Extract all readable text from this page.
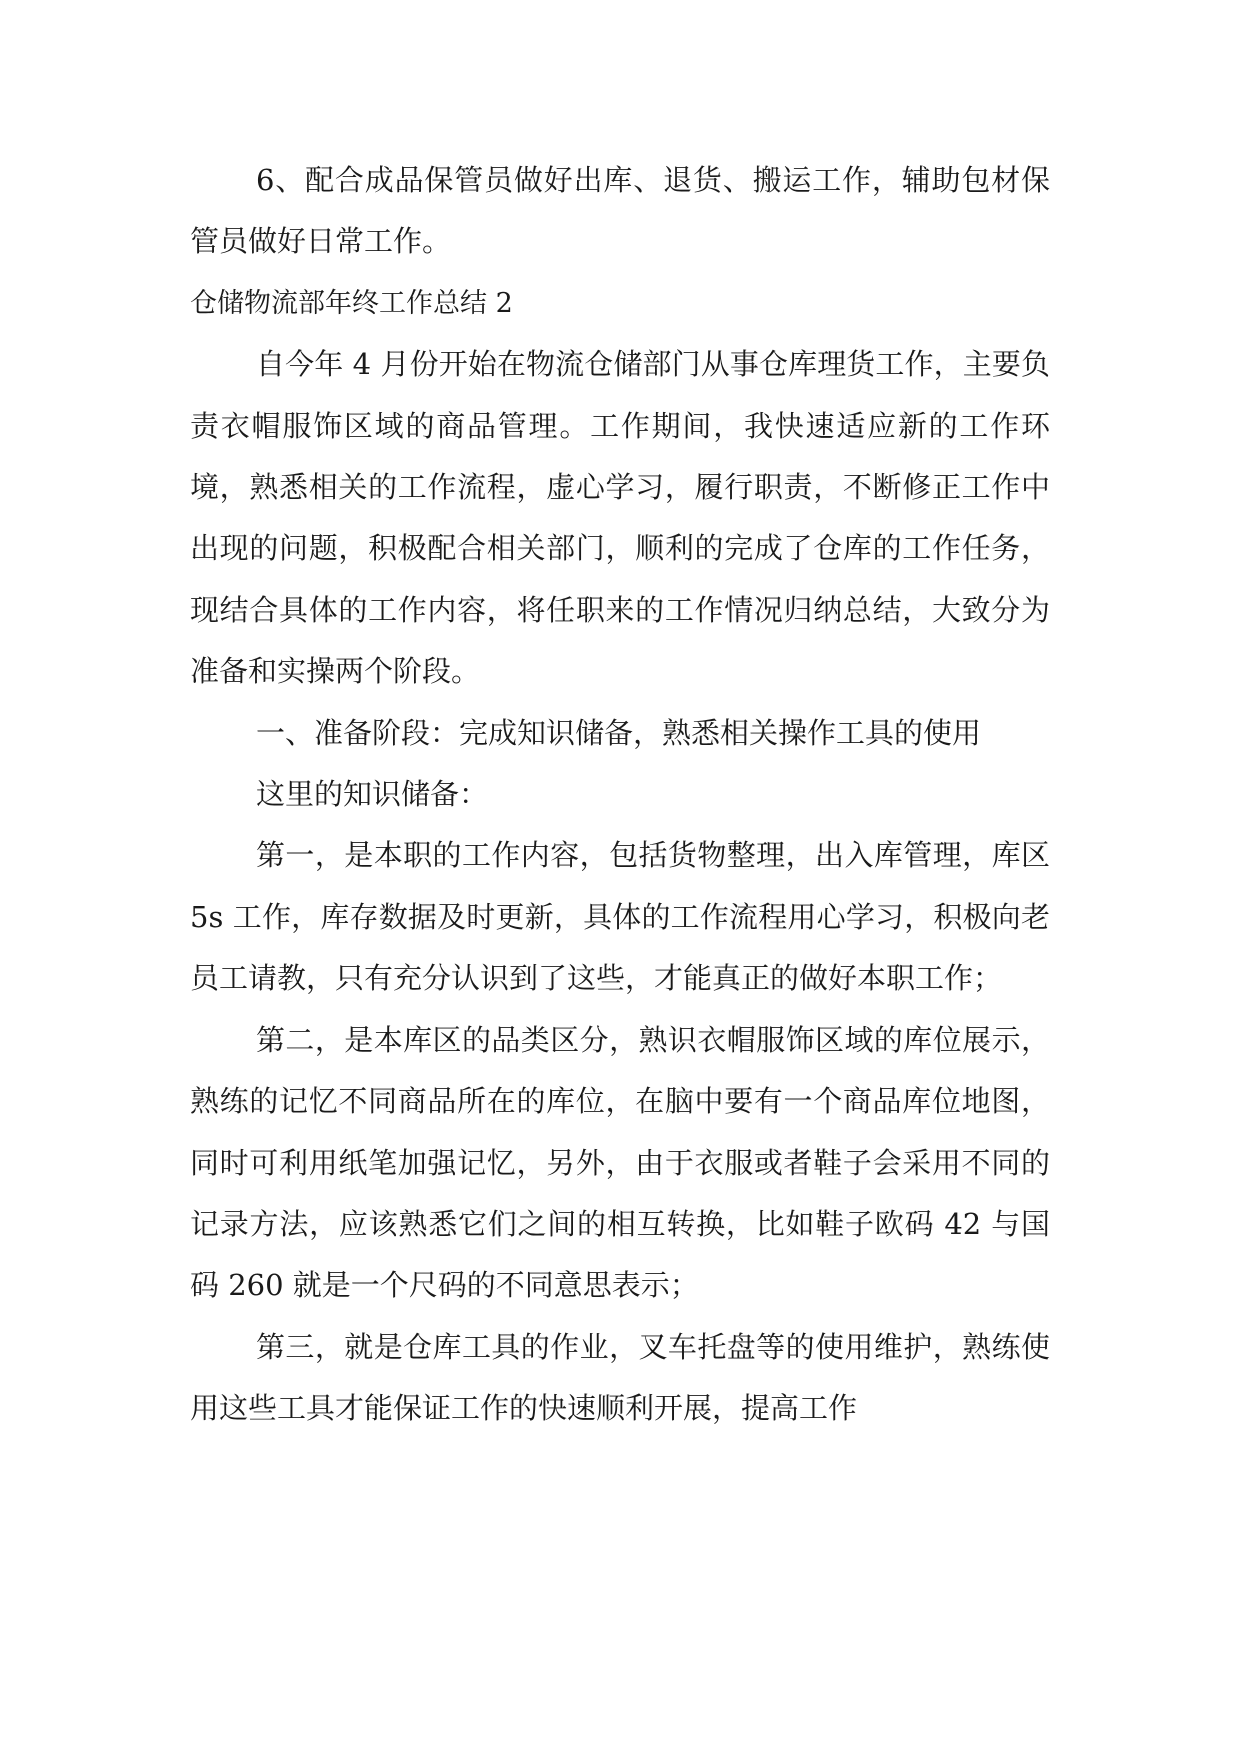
6、配合成品保管员做好出库、退货、搬运工作，辅助包材保管员做好日常工作。

仓储物流部年终工作总结 2

自今年 4 月份开始在物流仓储部门从事仓库理货工作，主要负责衣帽服饰区域的商品管理。工作期间，我快速适应新的工作环境，熟悉相关的工作流程，虚心学习，履行职责，不断修正工作中出现的问题，积极配合相关部门，顺利的完成了仓库的工作任务，现结合具体的工作内容，将任职来的工作情况归纳总结，大致分为准备和实操两个阶段。

一、准备阶段：完成知识储备，熟悉相关操作工具的使用

这里的知识储备：

第一，是本职的工作内容，包括货物整理，出入库管理，库区 5s 工作，库存数据及时更新，具体的工作流程用心学习，积极向老员工请教，只有充分认识到了这些，才能真正的做好本职工作；

第二，是本库区的品类区分，熟识衣帽服饰区域的库位展示，熟练的记忆不同商品所在的库位，在脑中要有一个商品库位地图，同时可利用纸笔加强记忆，另外，由于衣服或者鞋子会采用不同的记录方法，应该熟悉它们之间的相互转换，比如鞋子欧码 42 与国码 260 就是一个尺码的不同意思表示；

第三，就是仓库工具的作业，叉车托盘等的使用维护，熟练使用这些工具才能保证工作的快速顺利开展，提高工作
